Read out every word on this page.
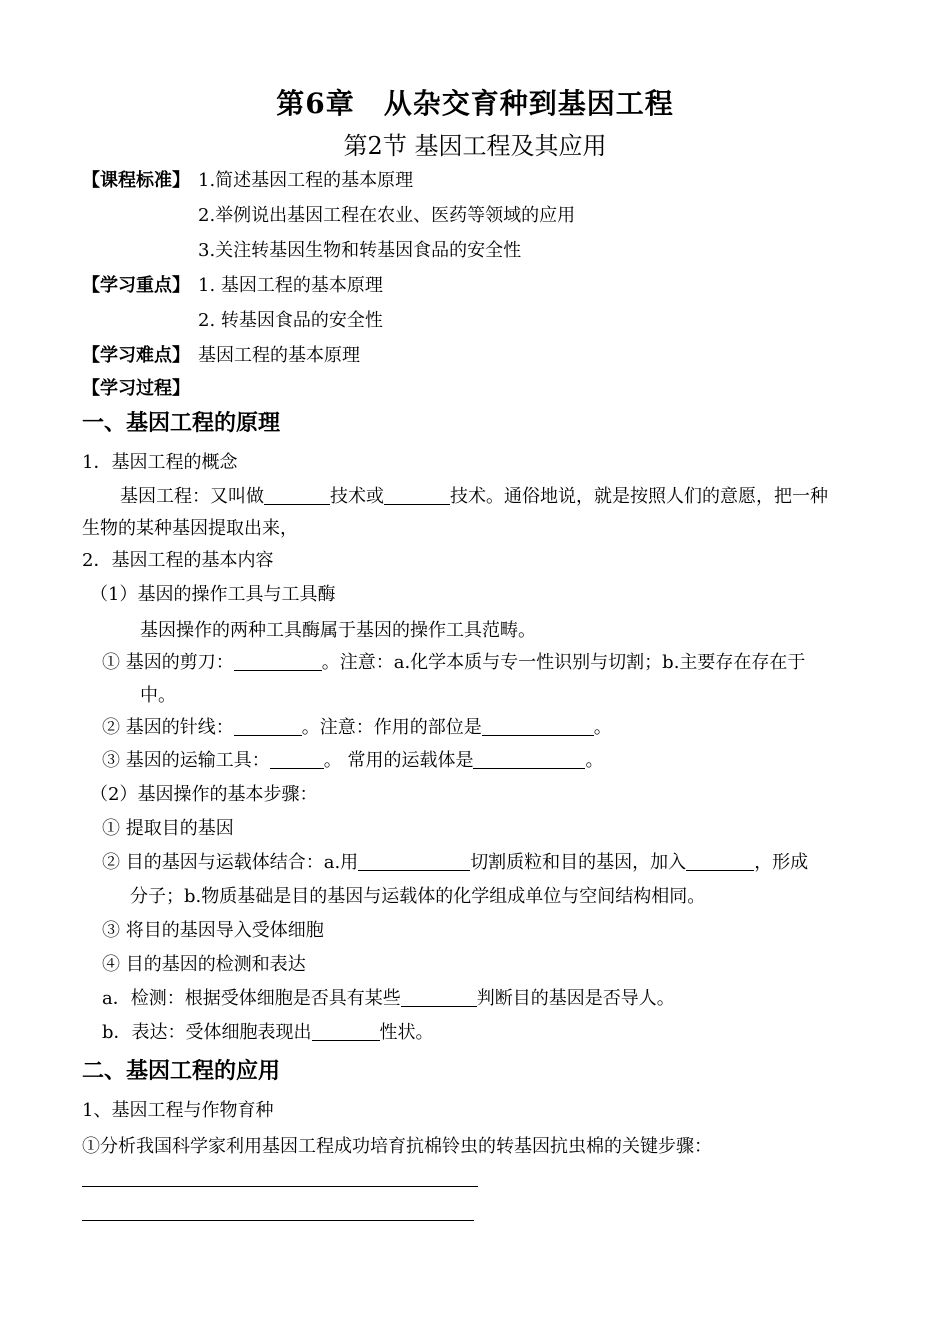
第6章　从杂交育种到基因工程
第2节 基因工程及其应用
【课程标准】 1.简述基因工程的基本原理
2.举例说出基因工程在农业、医药等领域的应用
3.关注转基因生物和转基因食品的安全性
【学习重点】 1. 基因工程的基本原理
2. 转基因食品的安全性
【学习难点】 基因工程的基本原理
【学习过程】
一、基因工程的原理
1．基因工程的概念
基因工程：又叫做	技术或	技术。通俗地说，就是按照人们的意愿，把一种
生物的某种基因提取出来，
2．基因工程的基本内容
（1）基因的操作工具与工具酶
基因操作的两种工具酶属于基因的操作工具范畴。
① 基因的剪刀：	。注意：a.化学本质与专一性识别与切割；b.主要存在存在于
中。
② 基因的针线：	。注意：作用的部位是	。
③ 基因的运输工具：	。 常用的运载体是	。
（2）基因操作的基本步骤：
① 提取目的基因
② 目的基因与运载体结合：a.用	切割质粒和目的基因，加入	，形成
分子；b.物质基础是目的基因与运载体的化学组成单位与空间结构相同。
③ 将目的基因导入受体细胞
④ 目的基因的检测和表达
a．检测：根据受体细胞是否具有某些	判断目的基因是否导人。
b．表达：受体细胞表现出	性状。
二、基因工程的应用
1、基因工程与作物育种
①分析我国科学家利用基因工程成功培育抗棉铃虫的转基因抗虫棉的关键步骤：
